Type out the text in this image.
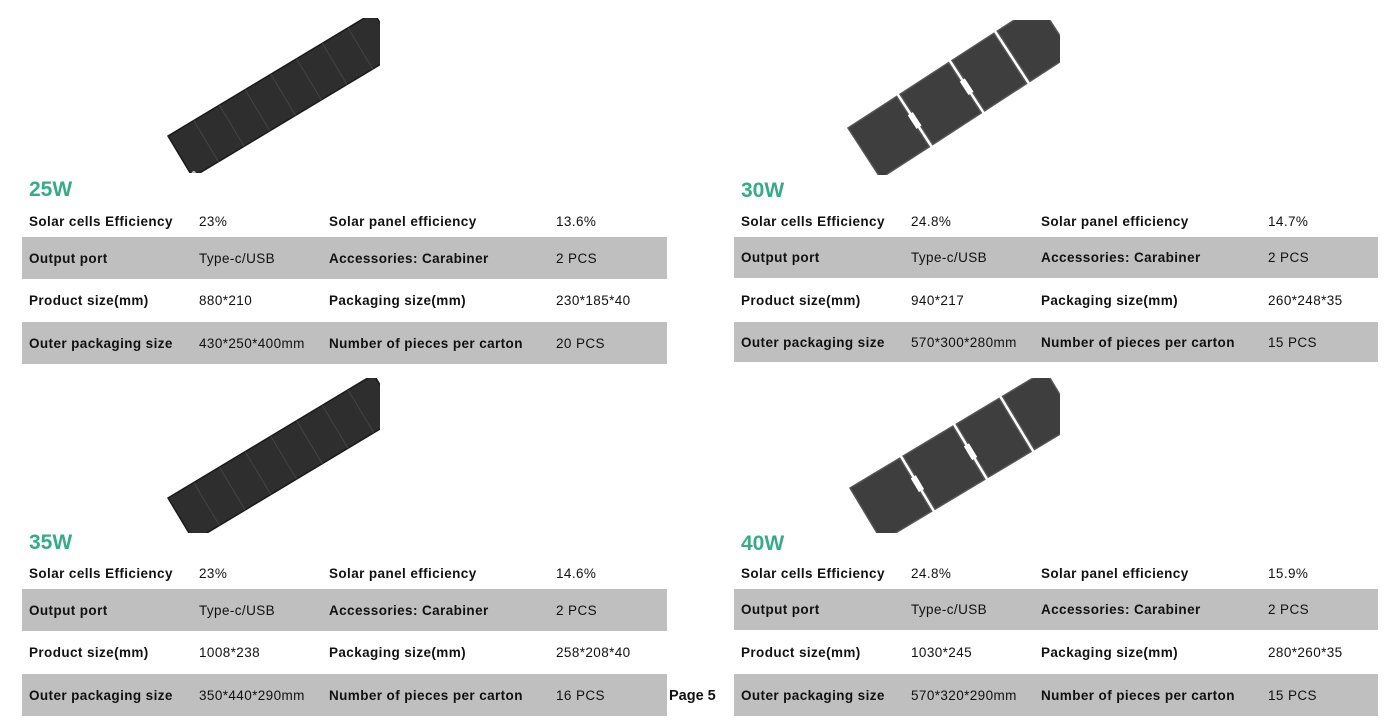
25W
Solar cells Efficiency	23%	Solar panel efficiency	13.6%
Output port	Type-c/USB	Accessories: Carabiner	2 PCS
Product size(mm)	880*210	Packaging size(mm)	230*185*40
Outer packaging size	430*250*400mm	Number of pieces per carton	20 PCS
30W
Solar cells Efficiency	24.8%	Solar panel efficiency	14.7%
Output port	Type-c/USB	Accessories: Carabiner	2 PCS
Product size(mm)	940*217	Packaging size(mm)	260*248*35
Outer packaging size	570*300*280mm	Number of pieces per carton	15 PCS
35W
Solar cells Efficiency	23%	Solar panel efficiency	14.6%
Output port	Type-c/USB	Accessories: Carabiner	2 PCS
Product size(mm)	1008*238	Packaging size(mm)	258*208*40
Outer packaging size	350*440*290mm	Number of pieces per carton	16 PCS
40W
Solar cells Efficiency	24.8%	Solar panel efficiency	15.9%
Output port	Type-c/USB	Accessories: Carabiner	2 PCS
Product size(mm)	1030*245	Packaging size(mm)	280*260*35
Outer packaging size	570*320*290mm	Number of pieces per carton	15 PCS
Page 5
